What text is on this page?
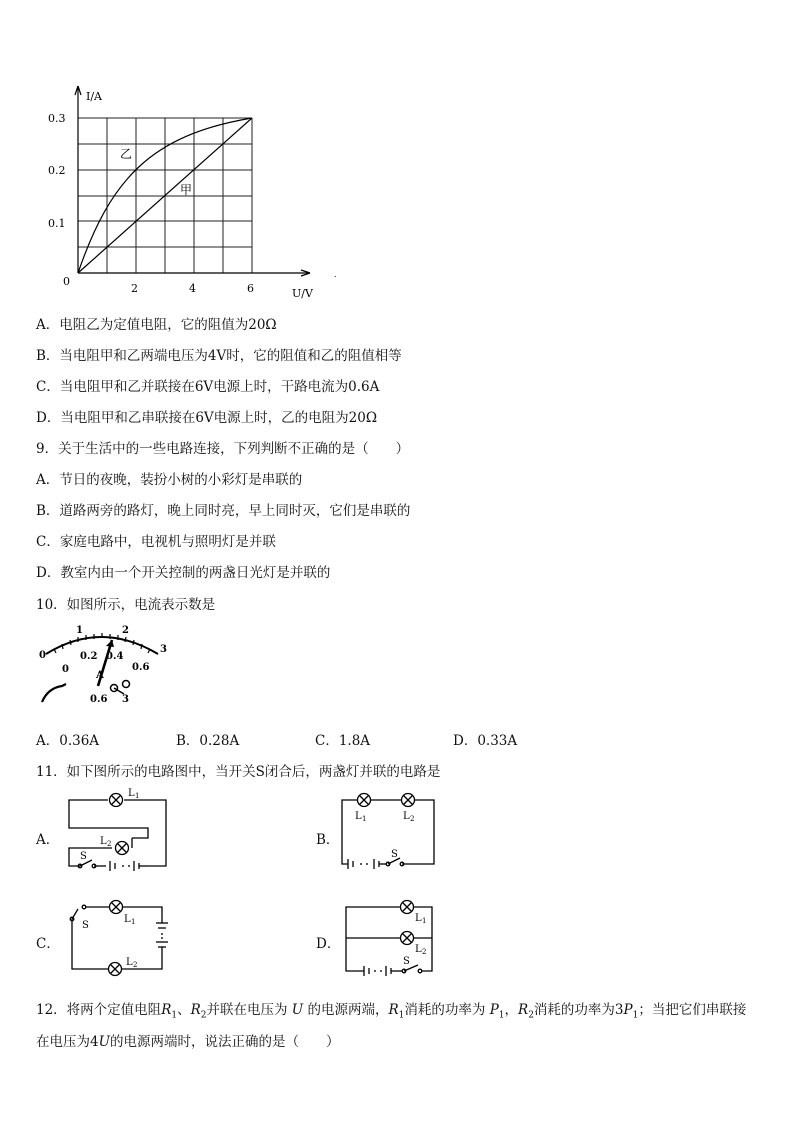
I/A
U/V
0
0.1
0.2
0.3
2	4	6
乙
甲
.
A．电阻乙为定值电阻，它的阻值为20Ω
B．当电阻甲和乙两端电压为4V时，它的阻值和乙的阻值相等
C．当电阻甲和乙并联接在6V电源上时，干路电流为0.6A
D．当电阻甲和乙串联接在6V电源上时，乙的电阻为20Ω
9．关于生活中的一些电路连接，下列判断不正确的是（　　）
A．节日的夜晚，装扮小树的小彩灯是串联的
B．道路两旁的路灯，晚上同时亮，早上同时灭，它们是串联的
C．家庭电路中，电视机与照明灯是并联
D．教室内由一个开关控制的两盏日光灯是并联的
10．如图所示，电流表示数是
0
1	2
3
0
0.2 0.4
0.6
A
0.6 3
A．0.36A	B．0.28A	C．1.8A	D．0.33A
11．如下图所示的电路图中，当开关S闭合后，两盏灯并联的电路是
A．	B．
C．	D．
L 1
L 2
S
L 1	L 2
S
S
L 1
L 2
L 1
L 2
S
12．将两个定值电阻$R_1$、$R_2$并联在电压为 U 的电源两端，$R_1$消耗的功率为 $P_1$，$R_2$消耗的功率为$3P_1$；当把它们串联接
在电压为4U的电源两端时，说法正确的是（　　）
